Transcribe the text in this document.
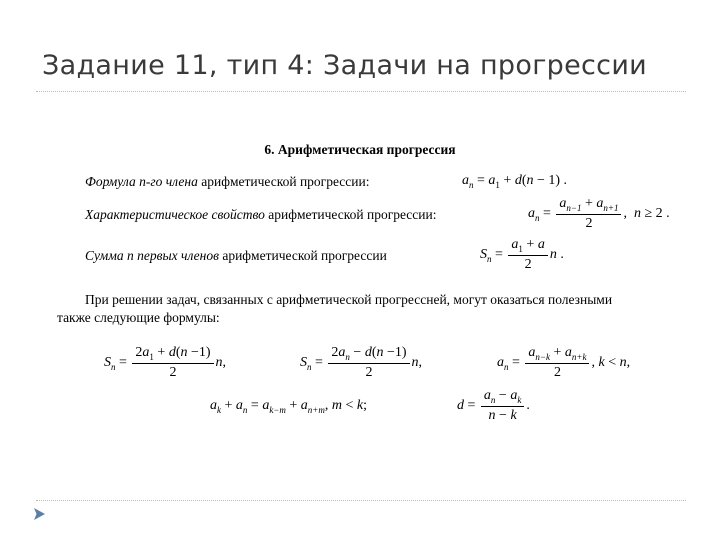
Задание 11, тип 4: Задачи на прогрессии
6. Арифметическая прогрессия
Формула n-го члена арифметической прогрессии:	$a_n = a_1 + d(n - 1)$ .
Характеристическое свойство арифметической прогрессии:	$a_n = \frac{a_{n-1} + a_{n+1}}{2}$ ,  n ≥ 2 .
Сумма n первых членов арифметической прогрессии	$S_n = \frac{a_1 + a}{2}$ n .
При решении задач, связанных с арифметической прогрессней, могут оказаться полезными
также следующие формулы:
$S_n = \frac{2a_1 + d(n -1)}{2} n$,	$S_n = \frac{2a_n - d(n -1)}{2} n$,	$a_n = \frac{a_{n-k} + a_{n+k}}{2}$ , k < n,
$a_k + a_n = a_{k-m} + a_{n+m}$, m < k;	$d = \frac{a_n - a_k}{n - k}$ .
